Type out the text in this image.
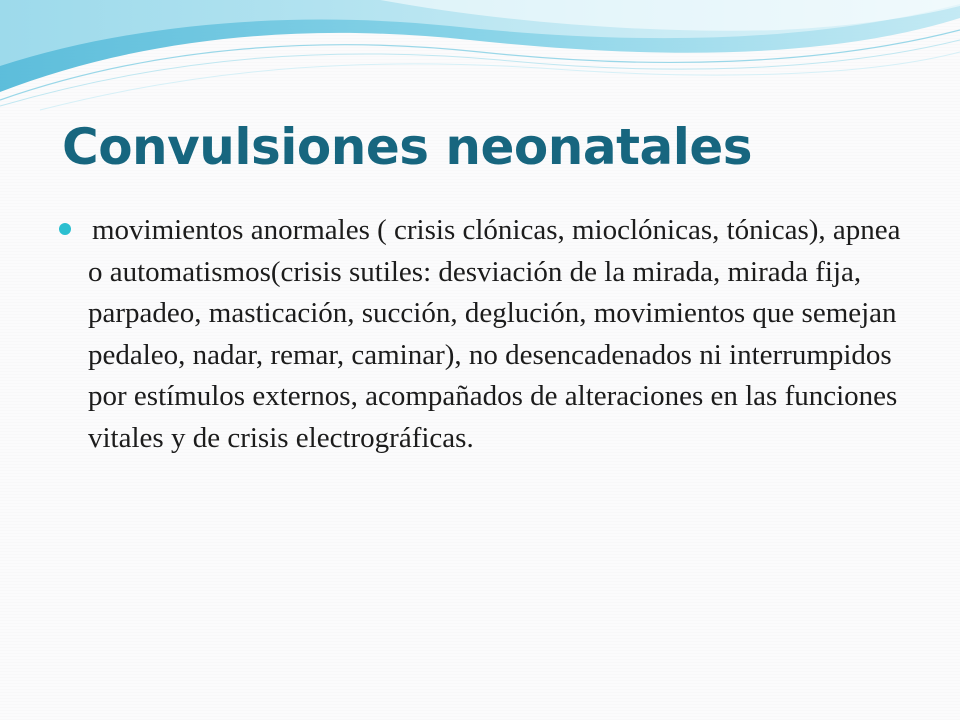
Convulsiones neonatales
movimientos anormales ( crisis clónicas, mioclónicas, tónicas), apnea o automatismos(crisis sutiles: desviación de la mirada, mirada fija, parpadeo, masticación, succión, deglución, movimientos que semejan pedaleo, nadar, remar, caminar), no desencadenados ni interrumpidos por estímulos externos, acompañados de alteraciones en las funciones vitales y de crisis electrográficas.
